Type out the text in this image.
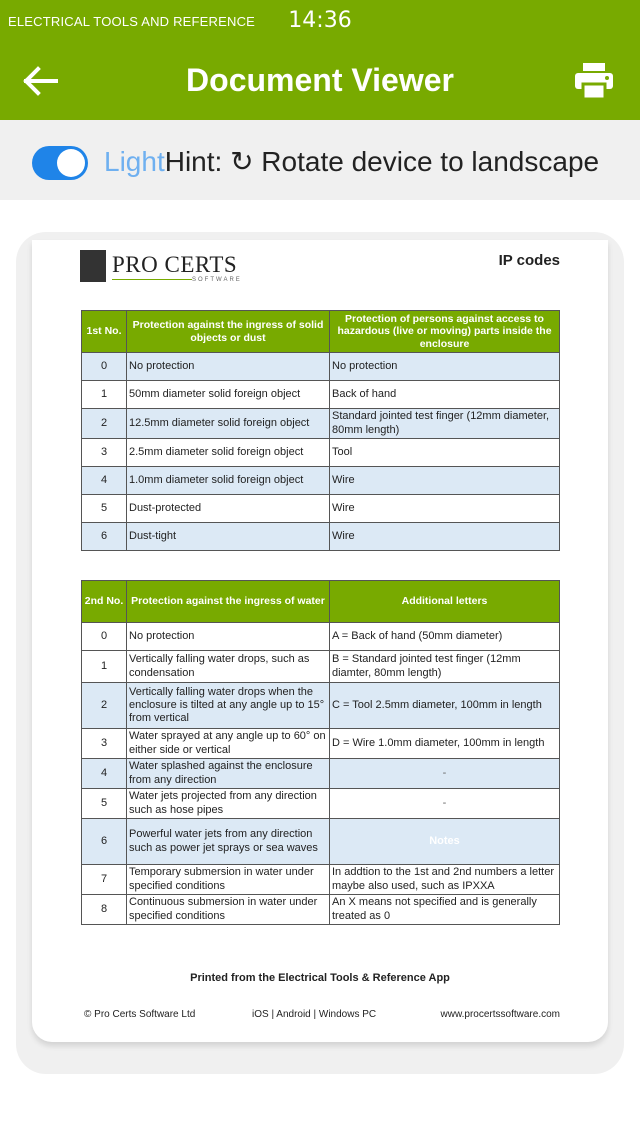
ELECTRICAL TOOLS AND REFERENCE	14:36
Document Viewer
LightHint: ↻ Rotate device to landscape
PRO CERTS
SOFTWARE
IP codes
1st No.	Protection against the ingress of solid objects or dust	Protection of persons against access to hazardous (live or moving) parts inside the enclosure
0	No protection	No protection
1	50mm diameter solid foreign object	Back of hand
2	12.5mm diameter solid foreign object	Standard jointed test finger (12mm diameter, 80mm length)
3	2.5mm diameter solid foreign object	Tool
4	1.0mm diameter solid foreign object	Wire
5	Dust-protected	Wire
6	Dust-tight	Wire
2nd No.	Protection against the ingress of water	Additional letters
0	No protection	A = Back of hand (50mm diameter)
1	Vertically falling water drops, such as condensation	B = Standard jointed test finger (12mm diamter, 80mm length)
2	Vertically falling water drops when the enclosure is tilted at any angle up to 15° from vertical	C = Tool 2.5mm diameter, 100mm in length
3	Water sprayed at any angle up to 60° on either side or vertical	D = Wire 1.0mm diameter, 100mm in length
4	Water splashed against the enclosure from any direction	-
5	Water jets projected from any direction such as hose pipes	-
6	Powerful water jets from any direction such as power jet sprays or sea waves	Notes
7	Temporary submersion in water under specified conditions	In addtion to the 1st and 2nd numbers a letter maybe also used, such as IPXXA
8	Continuous submersion in water under specified conditions	An X means not specified and is generally treated as 0
Printed from the Electrical Tools & Reference App
© Pro Certs Software Ltd	iOS | Android | Windows PC	www.procertssoftware.com
